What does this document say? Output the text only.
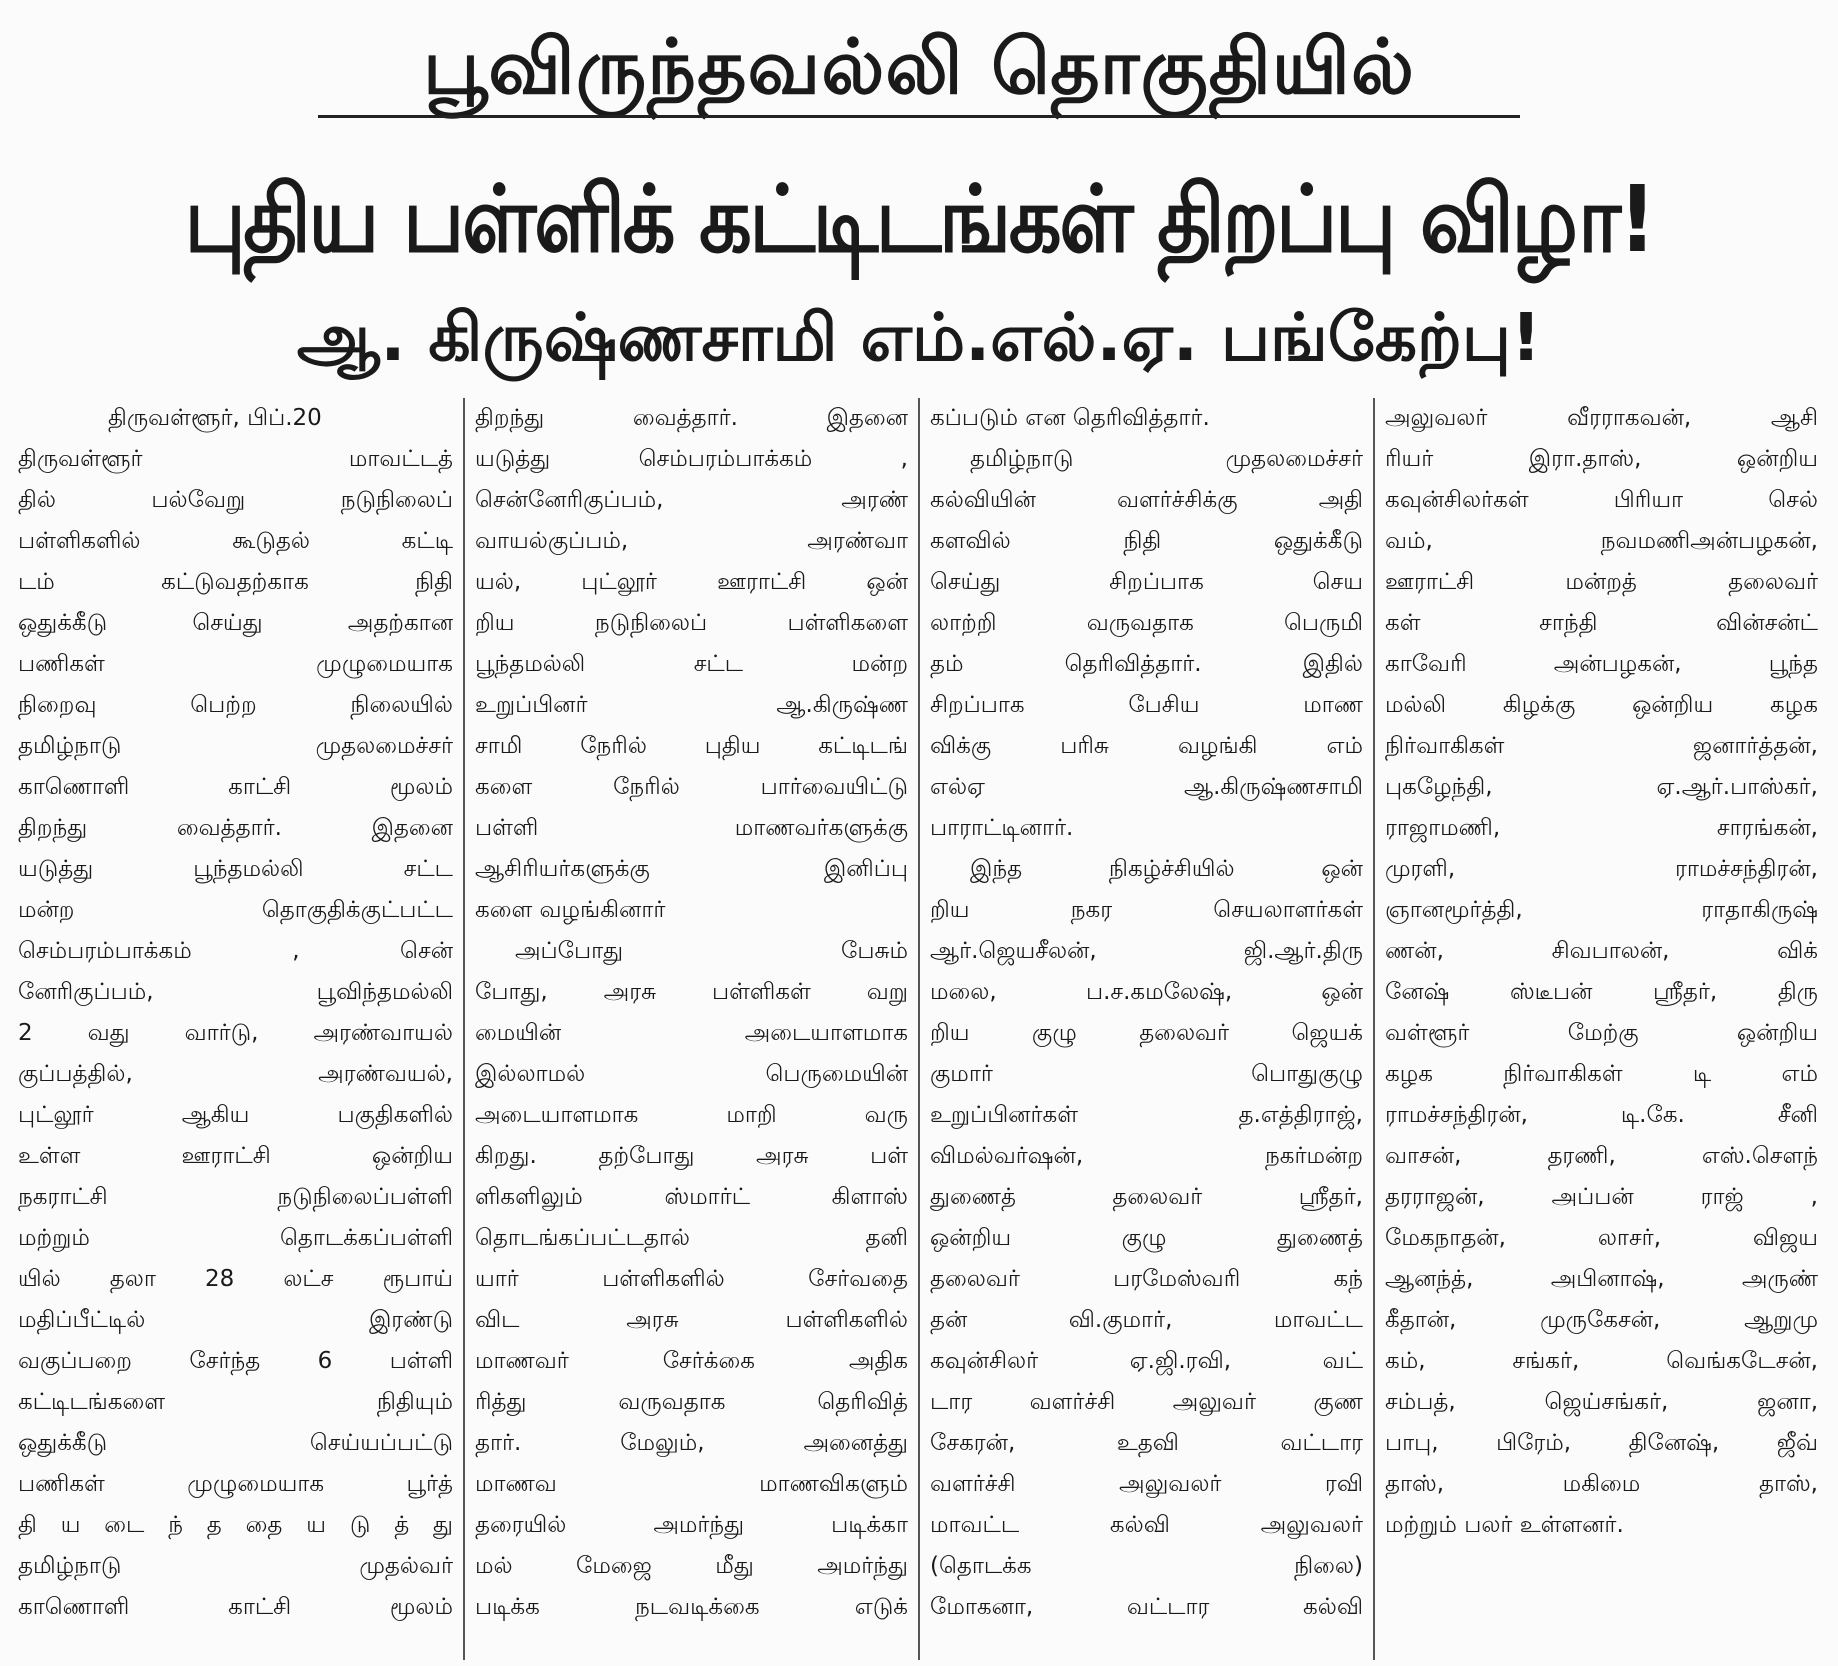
பூவிருந்தவல்லி தொகுதியில்
புதிய பள்ளிக் கட்டிடங்கள் திறப்பு விழா!
ஆ. கிருஷ்ணசாமி எம்.எல்.ஏ. பங்கேற்பு!
திருவள்ளூர், பிப்.20
திருவள்ளூர் மாவட்டத்
தில் பல்வேறு நடுநிலைப்
பள்ளிகளில் கூடுதல் கட்டி
டம் கட்டுவதற்காக நிதி
ஒதுக்கீடு செய்து அதற்கான
பணிகள் முழுமையாக
நிறைவு பெற்ற நிலையில்
தமிழ்நாடு முதலமைச்சர்
காணொளி காட்சி மூலம்
திறந்து வைத்தார். இதனை
யடுத்து பூந்தமல்லி சட்ட
மன்ற தொகுதிக்குட்பட்ட
செம்பரம்பாக்கம் , சென்
னேரிகுப்பம், பூவிந்தமல்லி
2 வது வார்டு, அரண்வாயல்
குப்பத்தில், அரண்வயல்,
புட்லூர் ஆகிய பகுதிகளில்
உள்ள ஊராட்சி ஒன்றிய
நகராட்சி நடுநிலைப்பள்ளி
மற்றும் தொடக்கப்பள்ளி
யில் தலா 28 லட்ச ரூபாய்
மதிப்பீட்டில் இரண்டு
வகுப்பறை சேர்ந்த 6 பள்ளி
கட்டிடங்களை நிதியும்
ஒதுக்கீடு செய்யப்பட்டு
பணிகள் முழுமையாக பூர்த்
தி ய டை ந் த தை ய டு த் து
தமிழ்நாடு முதல்வர்
காணொளி காட்சி மூலம்
திறந்து வைத்தார். இதனை
யடுத்து செம்பரம்பாக்கம் ,
சென்னேரிகுப்பம், அரண்
வாயல்குப்பம், அரண்வா
யல், புட்லூர் ஊராட்சி ஒன்
றிய நடுநிலைப் பள்ளிகளை
பூந்தமல்லி சட்ட மன்ற
உறுப்பினர் ஆ.கிருஷ்ண
சாமி நேரில் புதிய கட்டிடங்
களை நேரில் பார்வையிட்டு
பள்ளி மாணவர்களுக்கு
ஆசிரியர்களுக்கு இனிப்பு
களை வழங்கினார்
அப்போது பேசும்
போது, அரசு பள்ளிகள் வறு
மையின் அடையாளமாக
இல்லாமல் பெருமையின்
அடையாளமாக மாறி வரு
கிறது. தற்போது அரசு பள்
ளிகளிலும் ஸ்மார்ட் கிளாஸ்
தொடங்கப்பட்டதால் தனி
யார் பள்ளிகளில் சேர்வதை
விட அரசு பள்ளிகளில்
மாணவர் சேர்க்கை அதிக
ரித்து வருவதாக தெரிவித்
தார். மேலும், அனைத்து
மாணவ மாணவிகளும்
தரையில் அமர்ந்து படிக்கா
மல் மேஜை மீது அமர்ந்து
படிக்க நடவடிக்கை எடுக்
கப்படும் என தெரிவித்தார்.
தமிழ்நாடு முதலமைச்சர்
கல்வியின் வளர்ச்சிக்கு அதி
களவில் நிதி ஒதுக்கீடு
செய்து சிறப்பாக செய
லாற்றி வருவதாக பெருமி
தம் தெரிவித்தார். இதில்
சிறப்பாக பேசிய மாண
விக்கு பரிசு வழங்கி எம்
எல்ஏ ஆ.கிருஷ்ணசாமி
பாராட்டினார்.
இந்த நிகழ்ச்சியில் ஒன்
றிய நகர செயலாளர்கள்
ஆர்.ஜெயசீலன், ஜி.ஆர்.திரு
மலை, ப.ச.கமலேஷ், ஒன்
றிய குழு தலைவர் ஜெயக்
குமார் பொதுகுழு
உறுப்பினர்கள் த.எத்திராஜ்,
விமல்வர்ஷன், நகர்மன்ற
துணைத் தலைவர் ஸ்ரீதர்,
ஒன்றிய குழு துணைத்
தலைவர் பரமேஸ்வரி கந்
தன் வி.குமார், மாவட்ட
கவுன்சிலர் ஏ.ஜி.ரவி, வட்
டார வளர்ச்சி அலுவர் குண
சேகரன், உதவி வட்டார
வளர்ச்சி அலுவலர் ரவி
மாவட்ட கல்வி அலுவலர்
(தொடக்க நிலை)
மோகனா, வட்டார கல்வி
அலுவலர் வீரராகவன், ஆசி
ரியர் இரா.தாஸ், ஒன்றிய
கவுன்சிலர்கள் பிரியா செல்
வம், நவமணிஅன்பழகன்,
ஊராட்சி மன்றத் தலைவர்
கள் சாந்தி வின்சன்ட்
காவேரி அன்பழகன், பூந்த
மல்லி கிழக்கு ஒன்றிய கழக
நிர்வாகிகள் ஜனார்த்தன்,
புகழேந்தி, ஏ.ஆர்.பாஸ்கர்,
ராஜாமணி, சாரங்கன்,
முரளி, ராமச்சந்திரன்,
ஞானமூர்த்தி, ராதாகிருஷ்
ணன், சிவபாலன், விக்
னேஷ் ஸ்டீபன் ஸ்ரீதர், திரு
வள்ளூர் மேற்கு ஒன்றிய
கழக நிர்வாகிகள் டி எம்
ராமச்சந்திரன், டி.கே. சீனி
வாசன், தரணி, எஸ்.சௌந்
தரராஜன், அப்பன் ராஜ் ,
மேகநாதன், லாசர், விஜய
ஆனந்த், அபினாஷ், அருண்
கீதான், முருகேசன், ஆறுமு
கம், சங்கர், வெங்கடேசன்,
சம்பத், ஜெய்சங்கர், ஜனா,
பாபு, பிரேம், தினேஷ், ஜீவ்
தாஸ், மகிமை தாஸ்,
மற்றும் பலர் உள்ளனர்.
